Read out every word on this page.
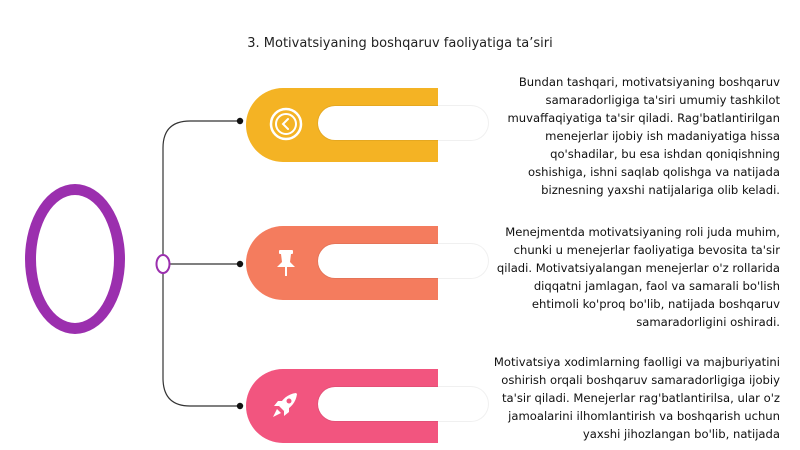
3. Motivatsiyaning boshqaruv faoliyatiga ta’siri
Bundan tashqari, motivatsiyaning boshqaruv samaradorligiga ta'siri umumiy tashkilot muvaffaqiyatiga ta'sir qiladi. Rag'batlantirilgan menejerlar ijobiy ish madaniyatiga hissa qo'shadilar, bu esa ishdan qoniqishning oshishiga, ishni saqlab qolishga va natijada biznesning yaxshi natijalariga olib keladi.
Menejmentda motivatsiyaning roli juda muhim, chunki u menejerlar faoliyatiga bevosita ta'sir qiladi. Motivatsiyalangan menejerlar o'z rollarida diqqatni jamlagan, faol va samarali bo'lish ehtimoli ko'proq bo'lib, natijada boshqaruv samaradorligini oshiradi.
Motivatsiya xodimlarning faolligi va majburiyatini oshirish orqali boshqaruv samaradorligiga ijobiy ta'sir qiladi. Menejerlar rag'batlantirilsa, ular o'z jamoalarini ilhomlantirish va boshqarish uchun yaxshi jihozlangan bo'lib, natijada
